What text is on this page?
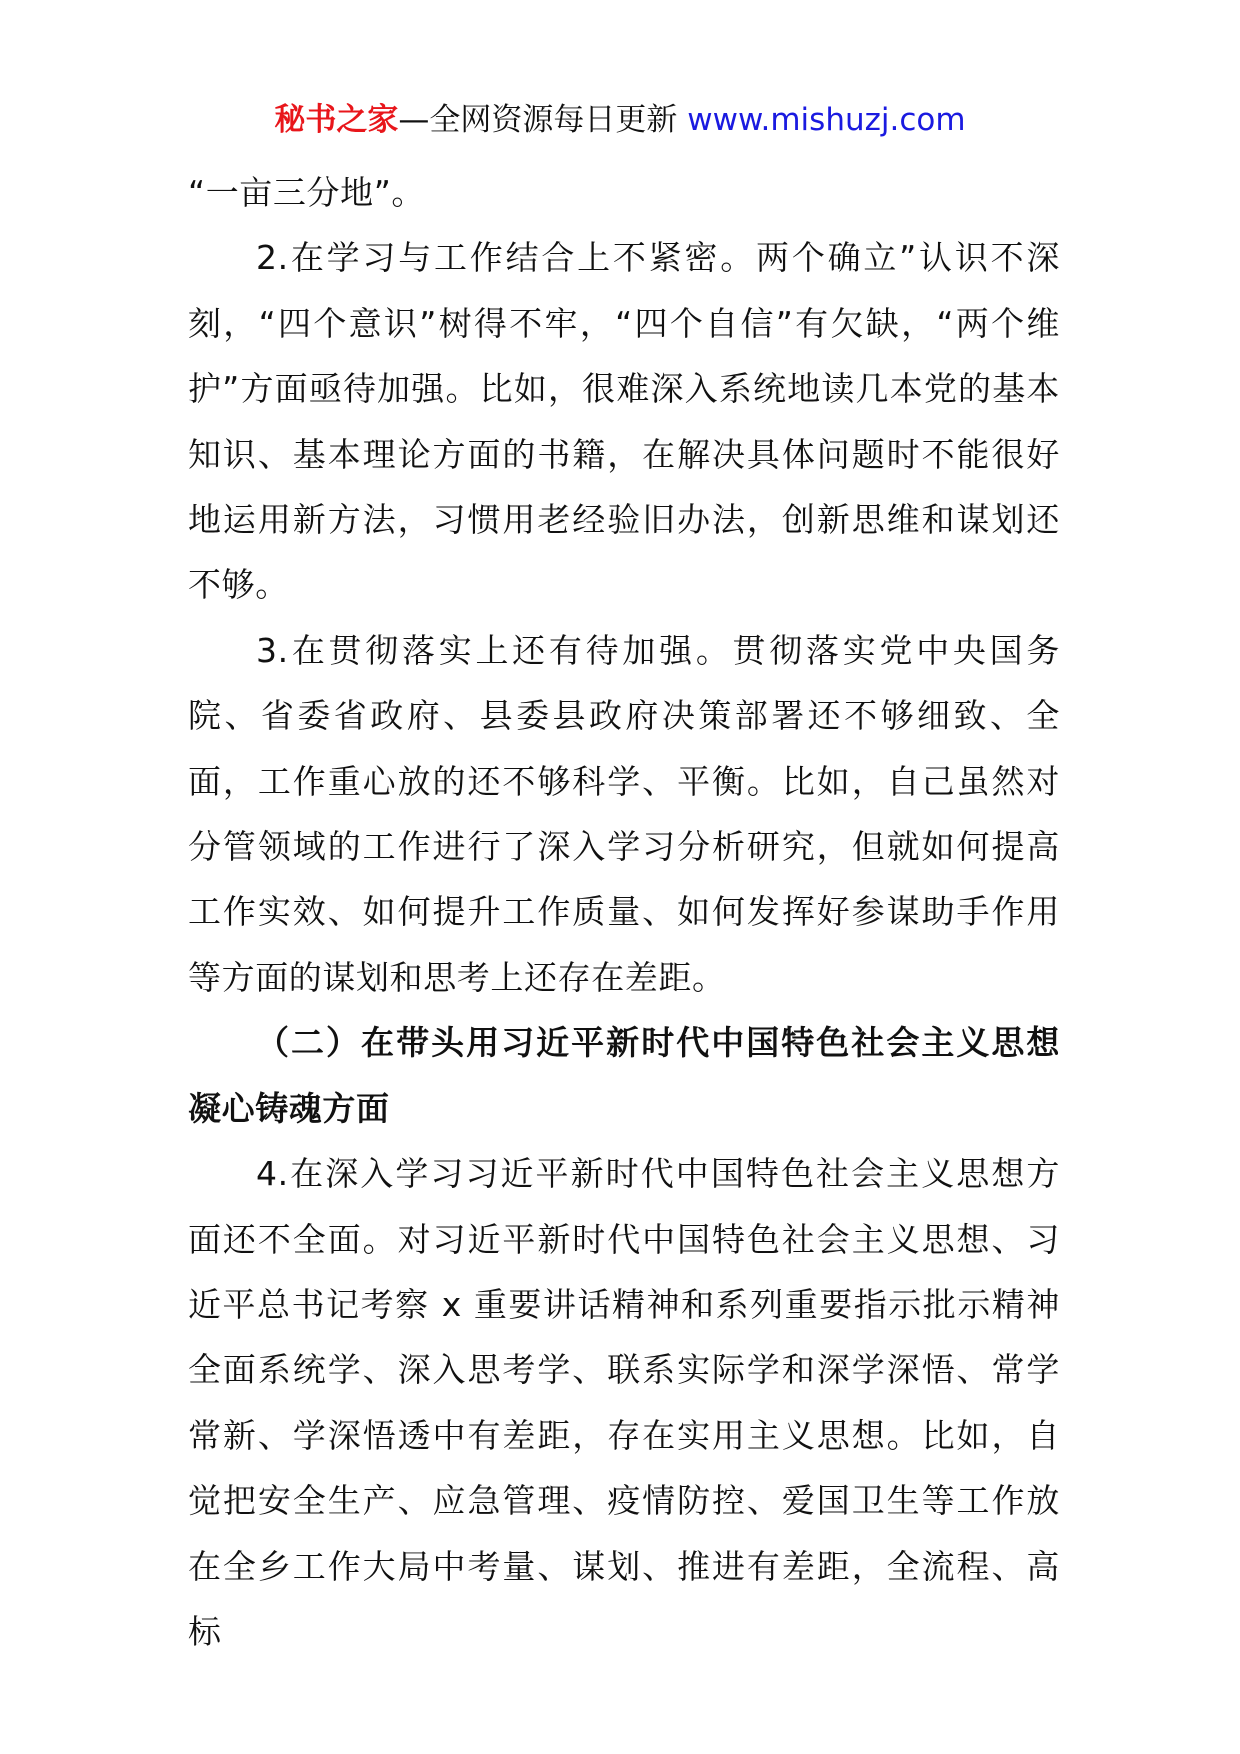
秘书之家—全网资源每日更新 www.mishuzj.com

“一亩三分地”。

2.在学习与工作结合上不紧密。两个确立”认识不深刻，“四个意识”树得不牢，“四个自信”有欠缺，“两个维护”方面亟待加强。比如，很难深入系统地读几本党的基本知识、基本理论方面的书籍，在解决具体问题时不能很好地运用新方法，习惯用老经验旧办法，创新思维和谋划还不够。

3.在贯彻落实上还有待加强。贯彻落实党中央国务院、省委省政府、县委县政府决策部署还不够细致、全面，工作重心放的还不够科学、平衡。比如，自己虽然对分管领域的工作进行了深入学习分析研究，但就如何提高工作实效、如何提升工作质量、如何发挥好参谋助手作用等方面的谋划和思考上还存在差距。

（二）在带头用习近平新时代中国特色社会主义思想凝心铸魂方面

4.在深入学习习近平新时代中国特色社会主义思想方面还不全面。对习近平新时代中国特色社会主义思想、习近平总书记考察 x 重要讲话精神和系列重要指示批示精神全面系统学、深入思考学、联系实际学和深学深悟、常学常新、学深悟透中有差距，存在实用主义思想。比如，自觉把安全生产、应急管理、疫情防控、爱国卫生等工作放在全乡工作大局中考量、谋划、推进有差距，全流程、高标
